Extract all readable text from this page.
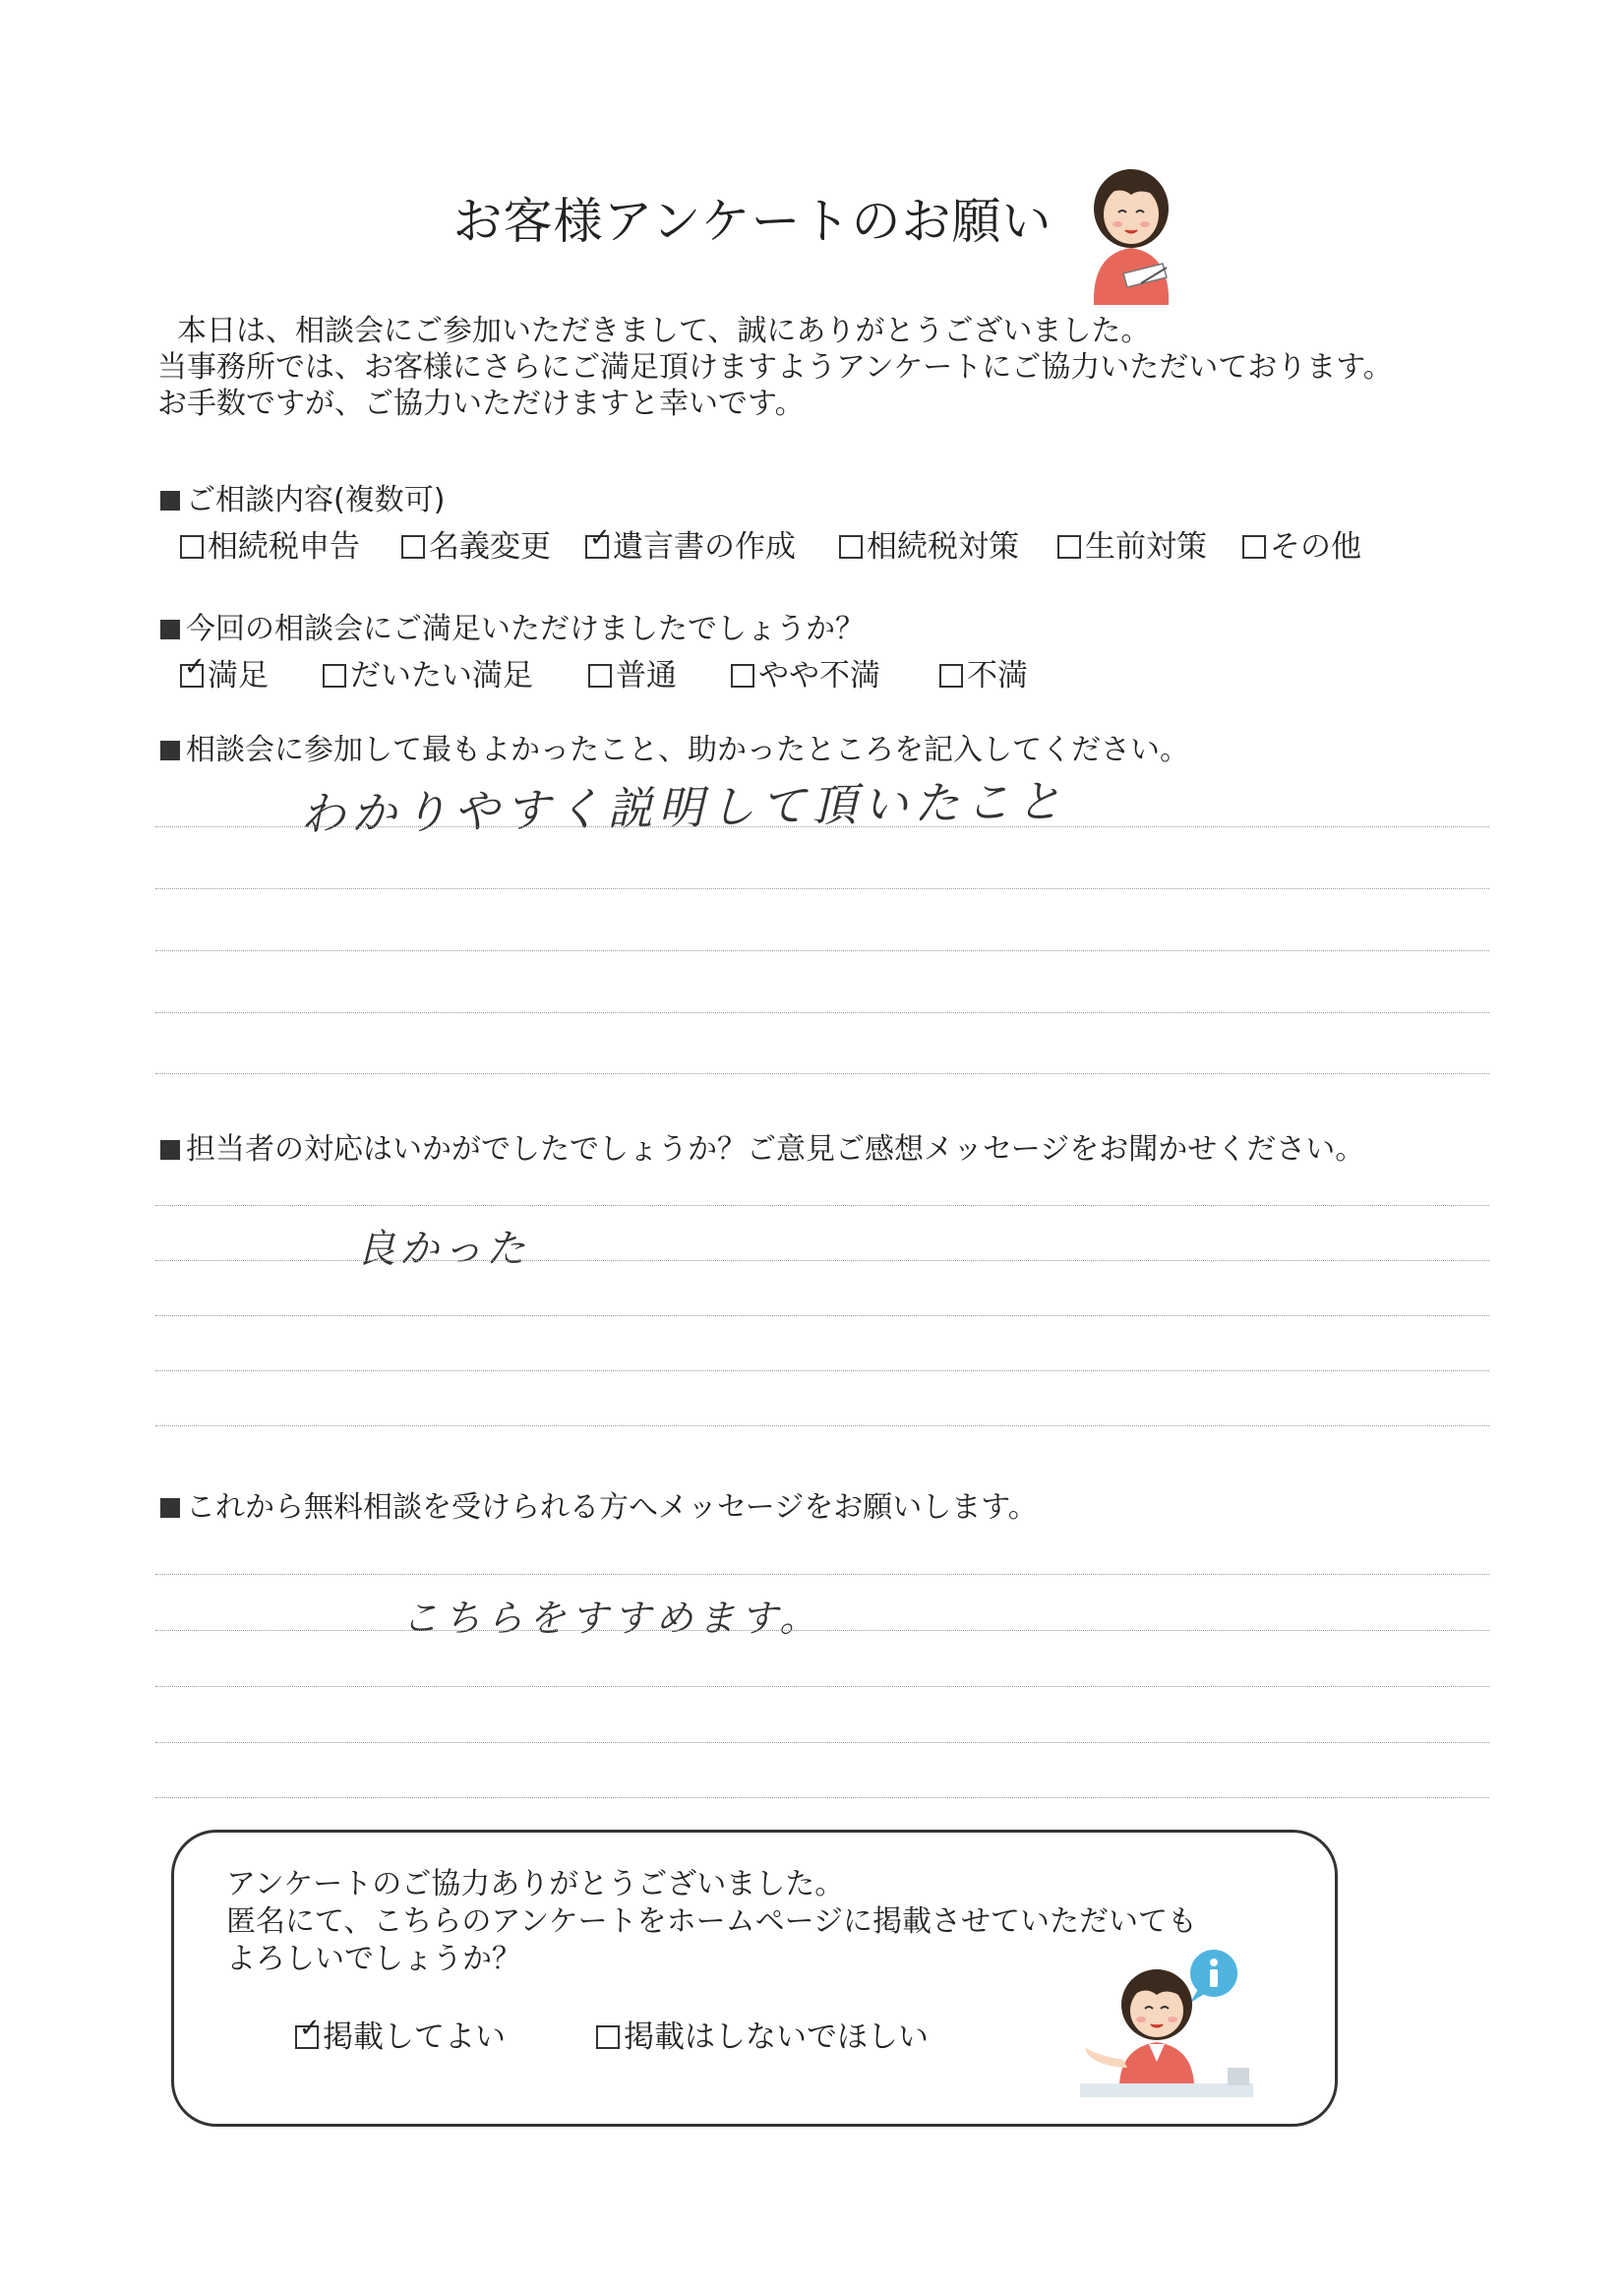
お客様アンケートのお願い
本日は、相談会にご参加いただきまして、誠にありがとうございました。
当事務所では、お客様にさらにご満足頂けますようアンケートにご協力いただいております。
お手数ですが、ご協力いただけますと幸いです。
ご相談内容(複数可)
相続税申告	名義変更
✓	遺言書の作成	相続税対策	生前対策	その他
今回の相談会にご満足いただけましたでしょうか？
✓満足	だいたい満足	普通	やや不満	不満
相談会に参加して最もよかったこと、助かったところを記入してください。
わかりやすく説明して頂いたこと
担当者の対応はいかがでしたでしょうか？ご意見ご感想メッセージをお聞かせください。
良かった
これから無料相談を受けられる方へメッセージをお願いします。
こちらをすすめます。
アンケートのご協力ありがとうございました。
匿名にて、こちらのアンケートをホームページに掲載させていただいても
よろしいでしょうか？
✓掲載してよい	掲載はしないでほしい
